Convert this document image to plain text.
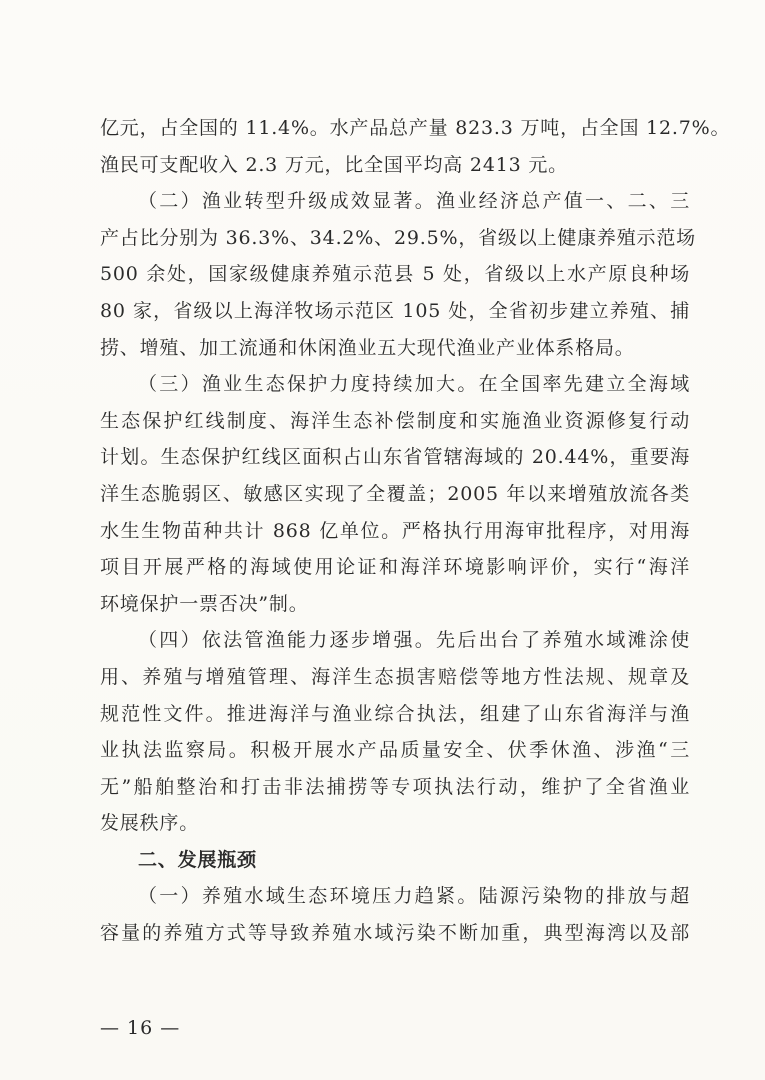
亿元，占全国的 11.4%。水产品总产量 823.3 万吨，占全国 12.7%。
渔民可支配收入 2.3 万元，比全国平均高 2413 元。
（二）渔业转型升级成效显著。渔业经济总产值一、二、三
产占比分别为 36.3%、34.2%、29.5%，省级以上健康养殖示范场
500 余处，国家级健康养殖示范县 5 处，省级以上水产原良种场
80 家，省级以上海洋牧场示范区 105 处，全省初步建立养殖、捕
捞、增殖、加工流通和休闲渔业五大现代渔业产业体系格局。
（三）渔业生态保护力度持续加大。在全国率先建立全海域
生态保护红线制度、海洋生态补偿制度和实施渔业资源修复行动
计划。生态保护红线区面积占山东省管辖海域的 20.44%，重要海
洋生态脆弱区、敏感区实现了全覆盖；2005 年以来增殖放流各类
水生生物苗种共计 868 亿单位。严格执行用海审批程序，对用海
项目开展严格的海域使用论证和海洋环境影响评价，实行“海洋
环境保护一票否决”制。
（四）依法管渔能力逐步增强。先后出台了养殖水域滩涂使
用、养殖与增殖管理、海洋生态损害赔偿等地方性法规、规章及
规范性文件。推进海洋与渔业综合执法，组建了山东省海洋与渔
业执法监察局。积极开展水产品质量安全、伏季休渔、涉渔“三
无”船舶整治和打击非法捕捞等专项执法行动，维护了全省渔业
发展秩序。
二、发展瓶颈
（一）养殖水域生态环境压力趋紧。陆源污染物的排放与超
容量的养殖方式等导致养殖水域污染不断加重，典型海湾以及部
— 16 —
